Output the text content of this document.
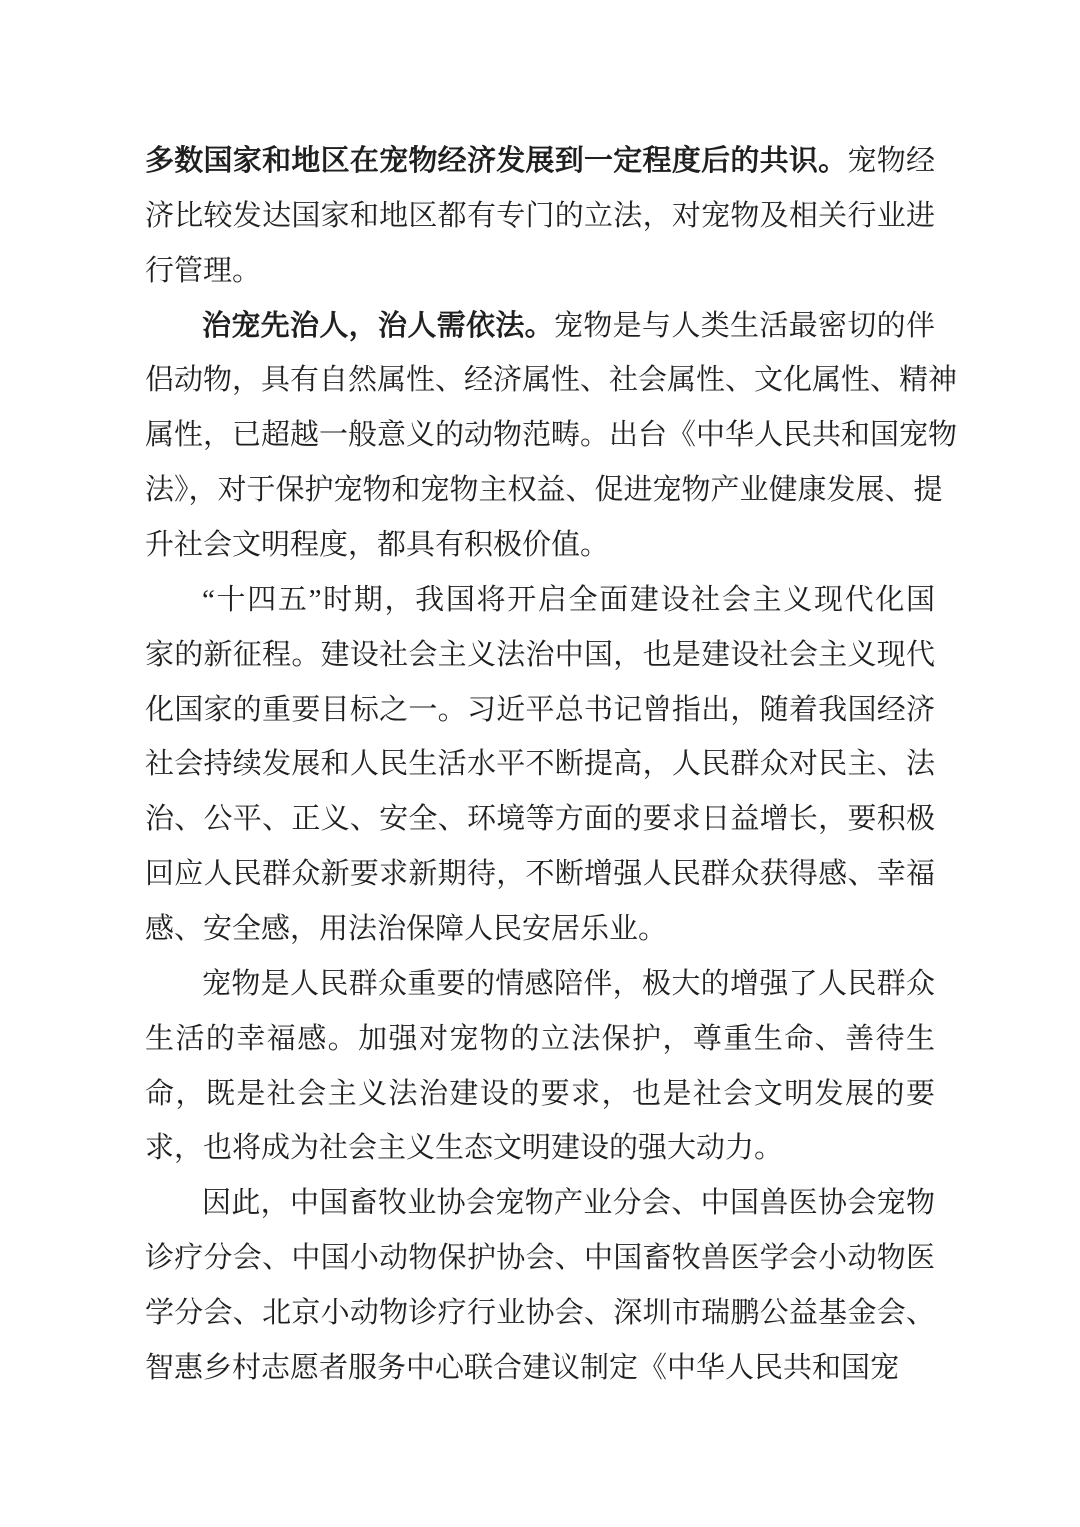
多数国家和地区在宠物经济发展到一定程度后的共识。宠物经
济比较发达国家和地区都有专门的立法，对宠物及相关行业进
行管理。
治宠先治人，治人需依法。宠物是与人类生活最密切的伴
侣动物，具有自然属性、经济属性、社会属性、文化属性、精神
属性，已超越一般意义的动物范畴。出台《中华人民共和国宠物
法》，对于保护宠物和宠物主权益、促进宠物产业健康发展、提
升社会文明程度，都具有积极价值。
“十四五”时期，我国将开启全面建设社会主义现代化国
家的新征程。建设社会主义法治中国，也是建设社会主义现代
化国家的重要目标之一。习近平总书记曾指出，随着我国经济
社会持续发展和人民生活水平不断提高，人民群众对民主、法
治、公平、正义、安全、环境等方面的要求日益增长，要积极
回应人民群众新要求新期待，不断增强人民群众获得感、幸福
感、安全感，用法治保障人民安居乐业。
宠物是人民群众重要的情感陪伴，极大的增强了人民群众
生活的幸福感。加强对宠物的立法保护，尊重生命、善待生
命，既是社会主义法治建设的要求，也是社会文明发展的要
求，也将成为社会主义生态文明建设的强大动力。
因此，中国畜牧业协会宠物产业分会、中国兽医协会宠物
诊疗分会、中国小动物保护协会、中国畜牧兽医学会小动物医
学分会、北京小动物诊疗行业协会、深圳市瑞鹏公益基金会、
智惠乡村志愿者服务中心联合建议制定《中华人民共和国宠
